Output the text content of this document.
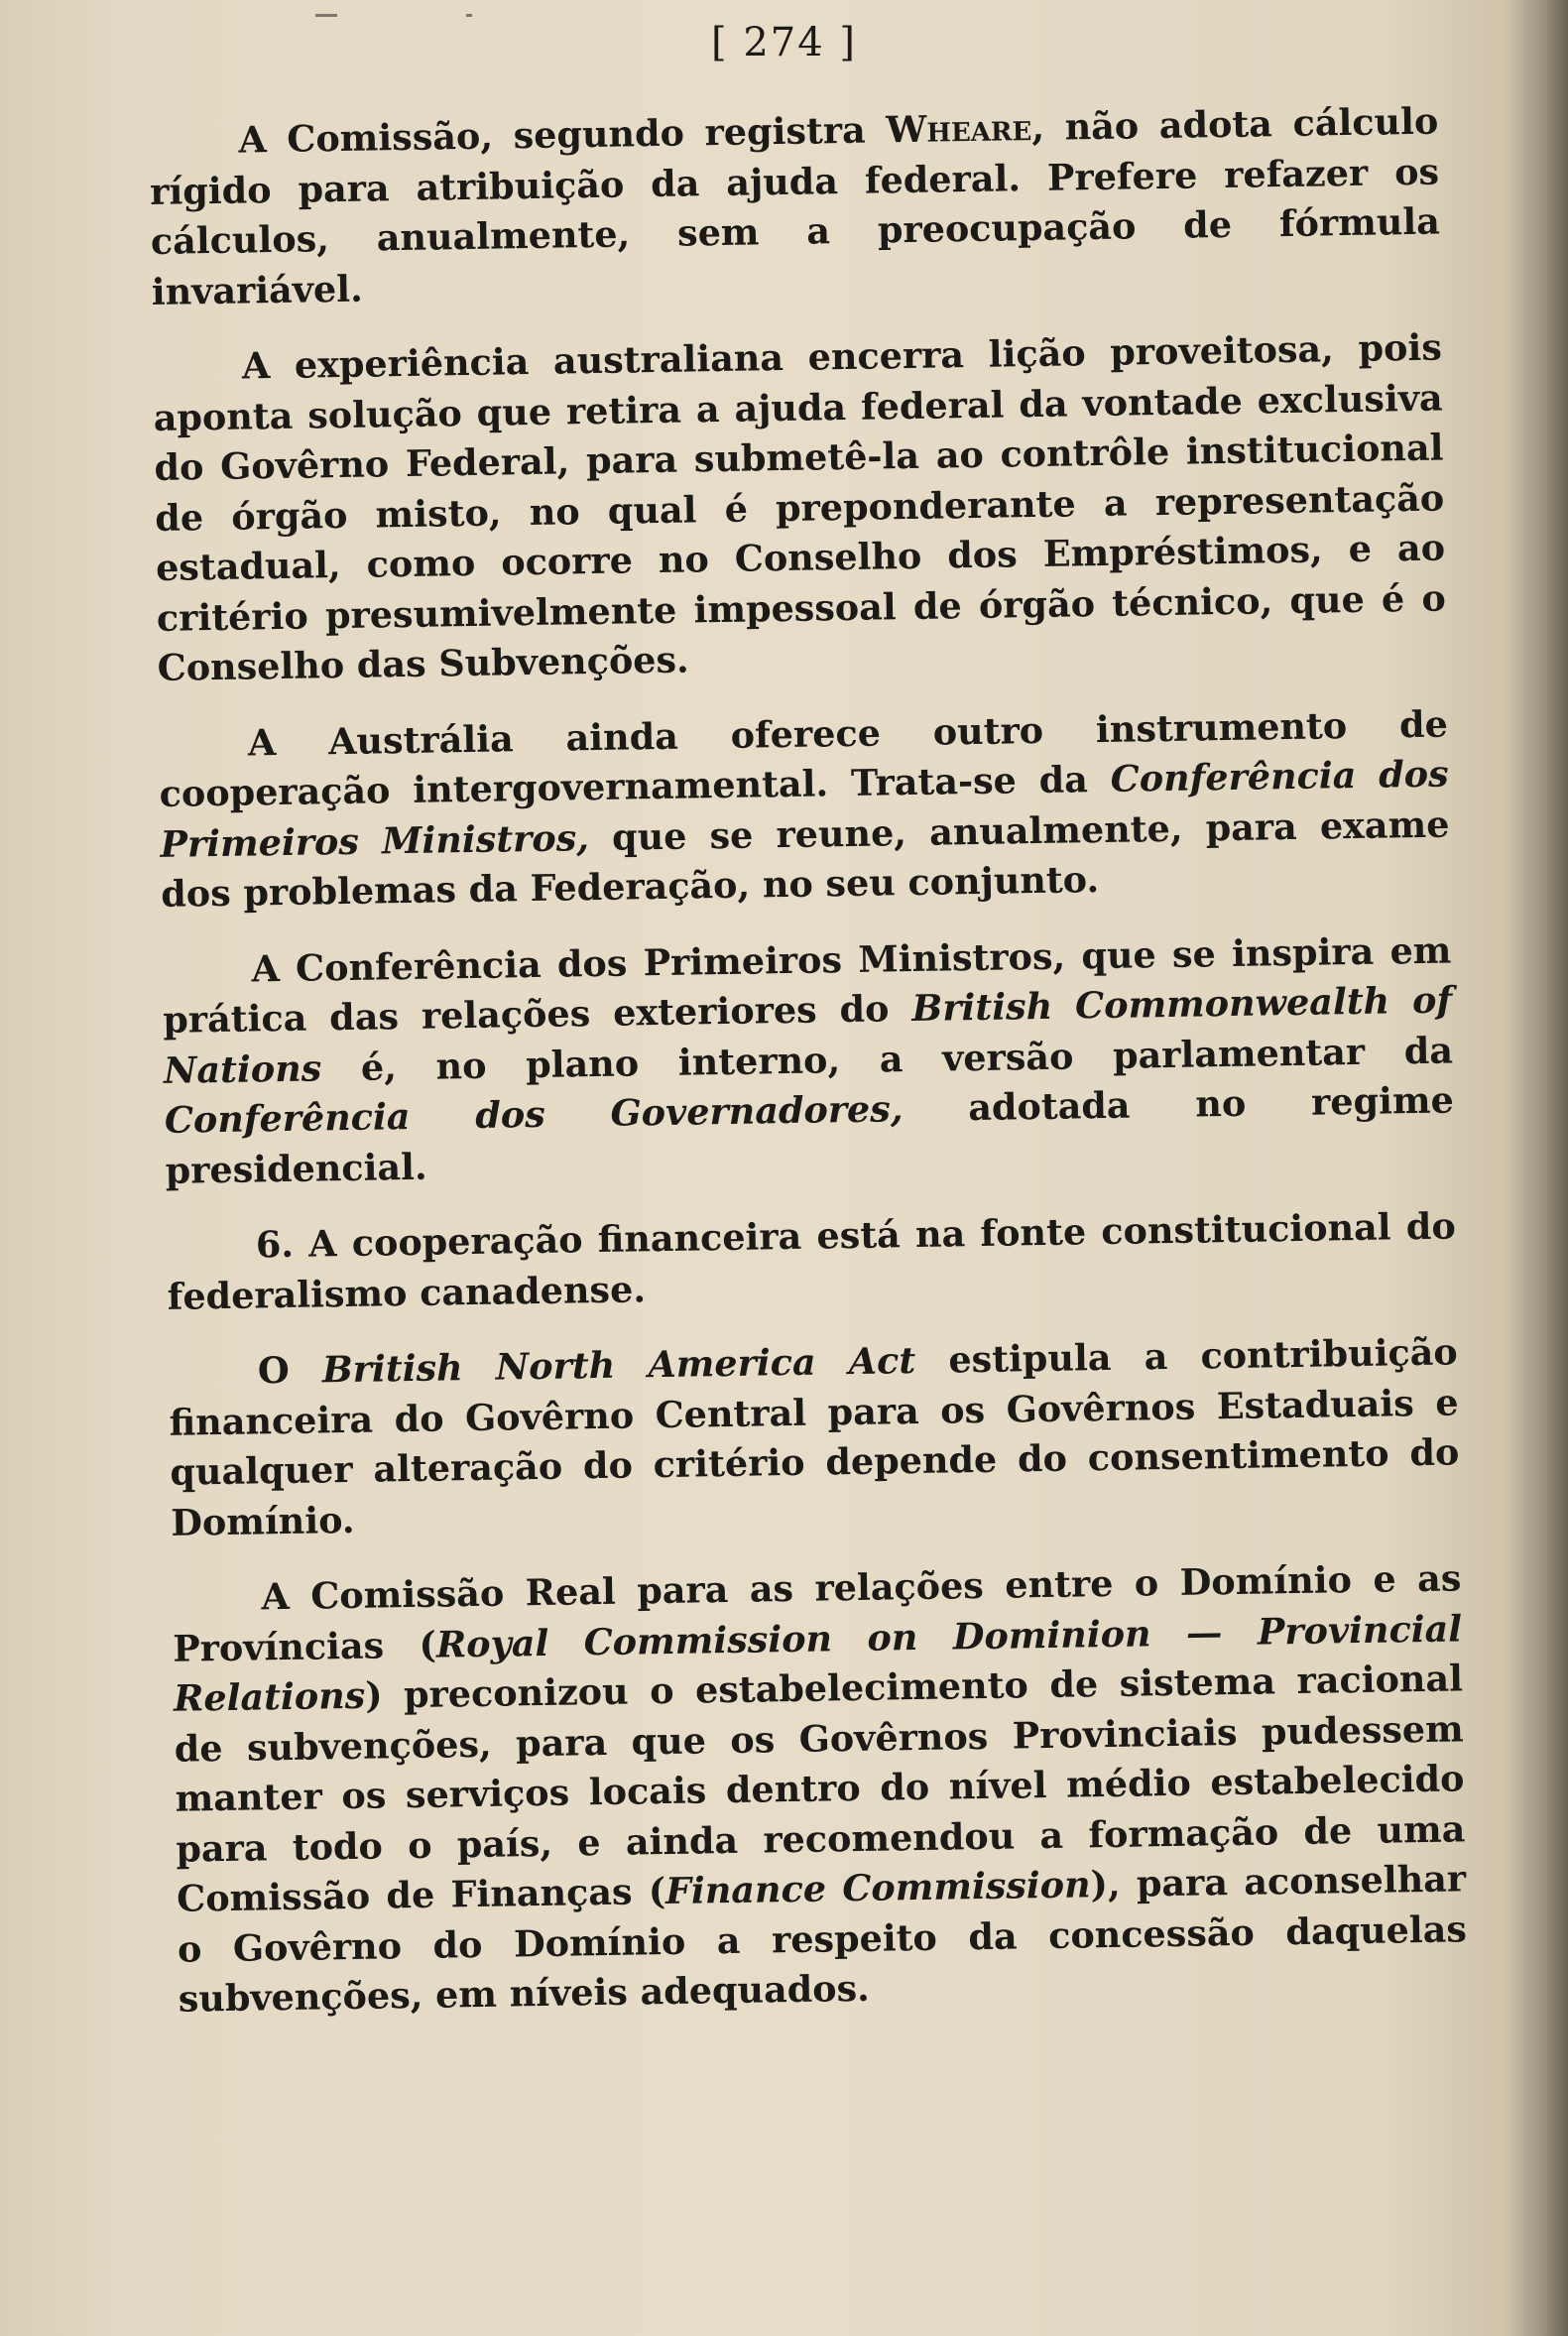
[ 274 ]

A Comissão, segundo registra Wheare, não adota cálculo rígido para atribuição da ajuda federal. Prefere refazer os cálculos, anualmente, sem a preocupação de fórmula invariável.

A experiência australiana encerra lição proveitosa, pois aponta solução que retira a ajuda federal da vontade exclusiva do Govêrno Federal, para submetê-la ao contrôle institucional de órgão misto, no qual é preponderante a representação estadual, como ocorre no Conselho dos Empréstimos, e ao critério presumivelmente impessoal de órgão técnico, que é o Conselho das Subvenções.

A Austrália ainda oferece outro instrumento de cooperação intergovernamental. Trata-se da Conferência dos Primeiros Ministros, que se reune, anualmente, para exame dos problemas da Federação, no seu conjunto.

A Conferência dos Primeiros Ministros, que se inspira em prática das relações exteriores do British Commonwealth of Nations é, no plano interno, a versão parlamentar da Conferência dos Governadores, adotada no regime presidencial.

6. A cooperação financeira está na fonte constitucional do federalismo canadense.

O British North America Act estipula a contribuição financeira do Govêrno Central para os Govêrnos Estaduais e qualquer alteração do critério depende do consentimento do Domínio.

A Comissão Real para as relações entre o Domínio e as Províncias (Royal Commission on Dominion — Provincial Relations) preconizou o estabelecimento de sistema racional de subvenções, para que os Govêrnos Provinciais pudessem manter os serviços locais dentro do nível médio estabelecido para todo o país, e ainda recomendou a formação de uma Comissão de Finanças (Finance Commission), para aconselhar o Govêrno do Domínio a respeito da concessão daquelas subvenções, em níveis adequados.
